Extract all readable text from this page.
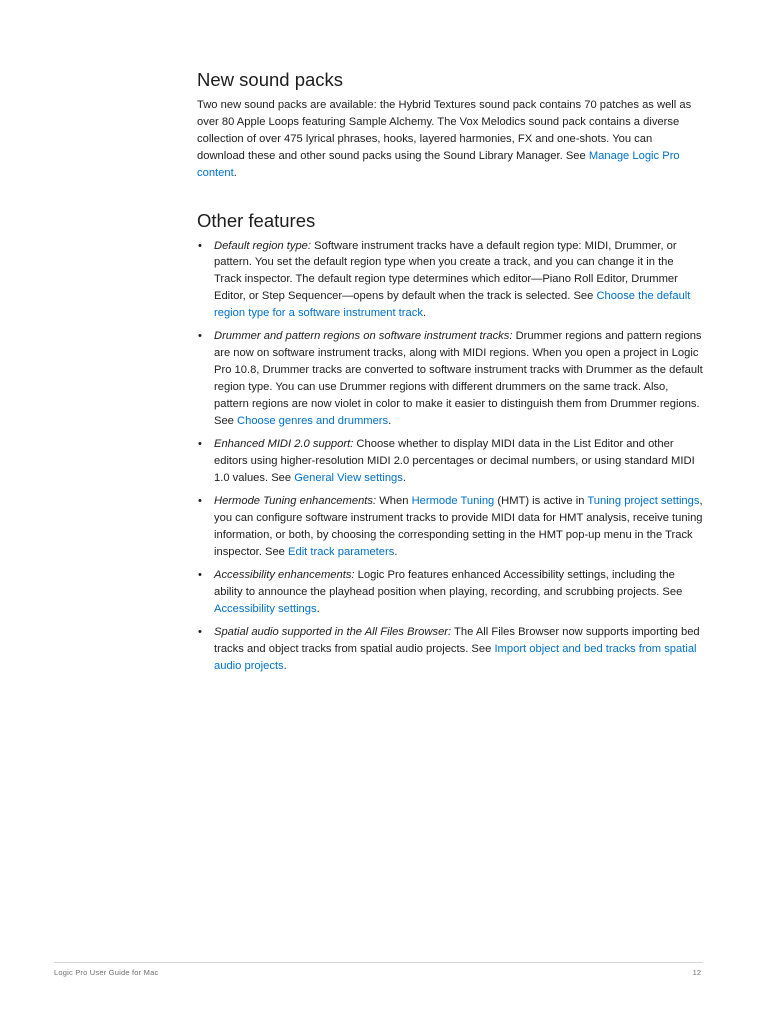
New sound packs

Two new sound packs are available: the Hybrid Textures sound pack contains 70 patches as well as over 80 Apple Loops featuring Sample Alchemy. The Vox Melodics sound pack contains a diverse collection of over 475 lyrical phrases, hooks, layered harmonies, FX and one-shots. You can download these and other sound packs using the Sound Library Manager. See Manage Logic Pro content.

Other features
• Default region type: Software instrument tracks have a default region type: MIDI, Drummer, or pattern. You set the default region type when you create a track, and you can change it in the Track inspector. The default region type determines which editor—Piano Roll Editor, Drummer Editor, or Step Sequencer—opens by default when the track is selected. See Choose the default region type for a software instrument track.
• Drummer and pattern regions on software instrument tracks: Drummer regions and pattern regions are now on software instrument tracks, along with MIDI regions. When you open a project in Logic Pro 10.8, Drummer tracks are converted to software instrument tracks with Drummer as the default region type. You can use Drummer regions with different drummers on the same track. Also, pattern regions are now violet in color to make it easier to distinguish them from Drummer regions. See Choose genres and drummers.
• Enhanced MIDI 2.0 support: Choose whether to display MIDI data in the List Editor and other editors using higher-resolution MIDI 2.0 percentages or decimal numbers, or using standard MIDI 1.0 values. See General View settings.
• Hermode Tuning enhancements: When Hermode Tuning (HMT) is active in Tuning project settings, you can configure software instrument tracks to provide MIDI data for HMT analysis, receive tuning information, or both, by choosing the corresponding setting in the HMT pop-up menu in the Track inspector. See Edit track parameters.
• Accessibility enhancements: Logic Pro features enhanced Accessibility settings, including the ability to announce the playhead position when playing, recording, and scrubbing projects. See Accessibility settings.
• Spatial audio supported in the All Files Browser: The All Files Browser now supports importing bed tracks and object tracks from spatial audio projects. See Import object and bed tracks from spatial audio projects.
Logic Pro User Guide for Mac	12
